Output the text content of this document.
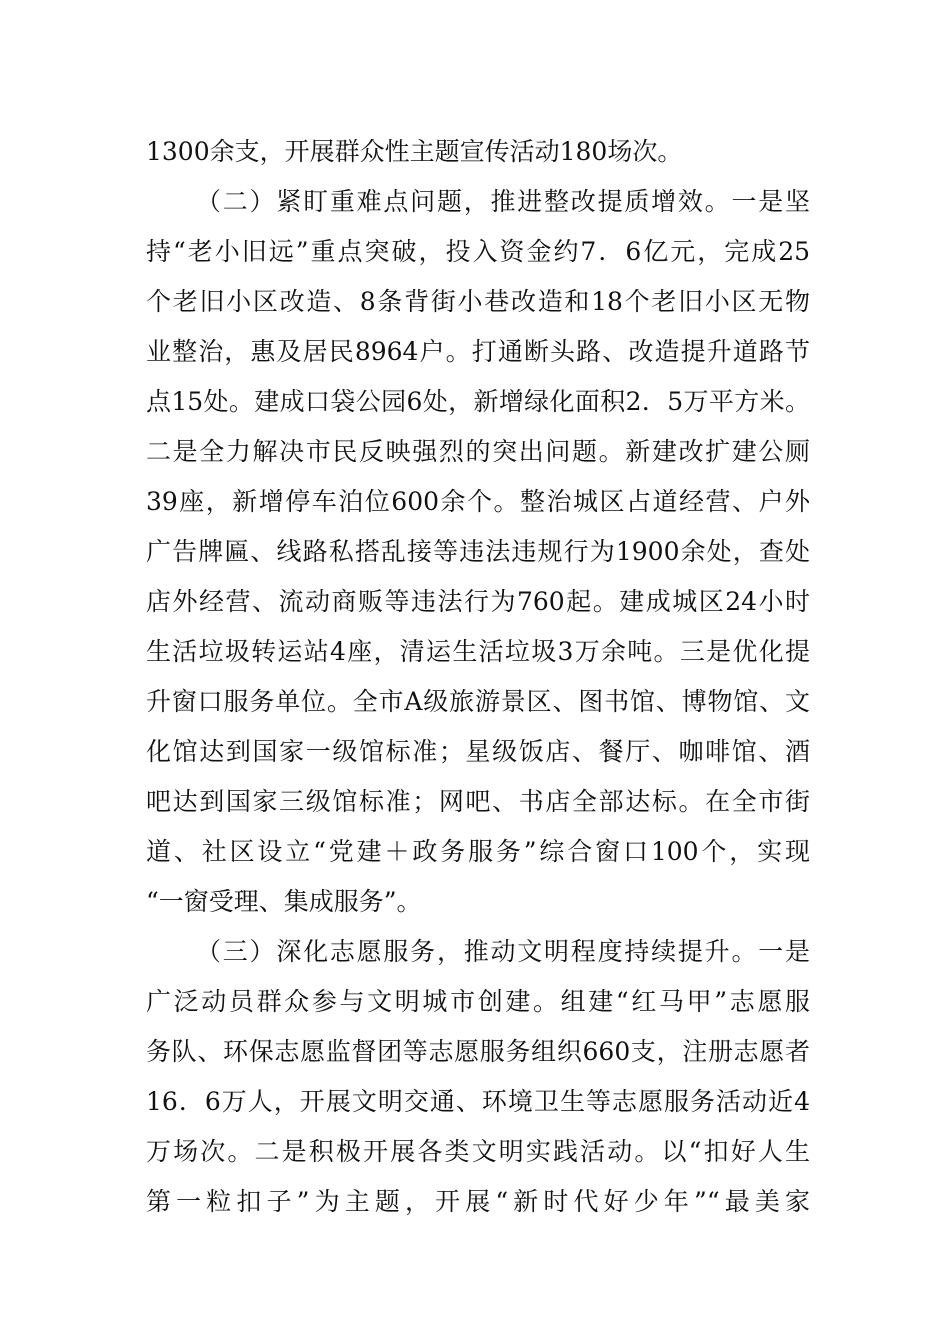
1300余支，开展群众性主题宣传活动180场次。
（二）紧盯重难点问题，推进整改提质增效。一是坚
持“老小旧远”重点突破，投入资金约7．6亿元，完成25
个老旧小区改造、8条背街小巷改造和18个老旧小区无物
业整治，惠及居民8964户。打通断头路、改造提升道路节
点15处。建成口袋公园6处，新增绿化面积2．5万平方米。
二是全力解决市民反映强烈的突出问题。新建改扩建公厕
39座，新增停车泊位600余个。整治城区占道经营、户外
广告牌匾、线路私搭乱接等违法违规行为1900余处，查处
店外经营、流动商贩等违法行为760起。建成城区24小时
生活垃圾转运站4座，清运生活垃圾3万余吨。三是优化提
升窗口服务单位。全市A级旅游景区、图书馆、博物馆、文
化馆达到国家一级馆标准；星级饭店、餐厅、咖啡馆、酒
吧达到国家三级馆标准；网吧、书店全部达标。在全市街
道、社区设立“党建＋政务服务”综合窗口100个，实现
“一窗受理、集成服务”。
（三）深化志愿服务，推动文明程度持续提升。一是
广泛动员群众参与文明城市创建。组建“红马甲”志愿服
务队、环保志愿监督团等志愿服务组织660支，注册志愿者
16．6万人，开展文明交通、环境卫生等志愿服务活动近4
万场次。二是积极开展各类文明实践活动。以“扣好人生
第一粒扣子”为主题，开展“新时代好少年”“最美家
